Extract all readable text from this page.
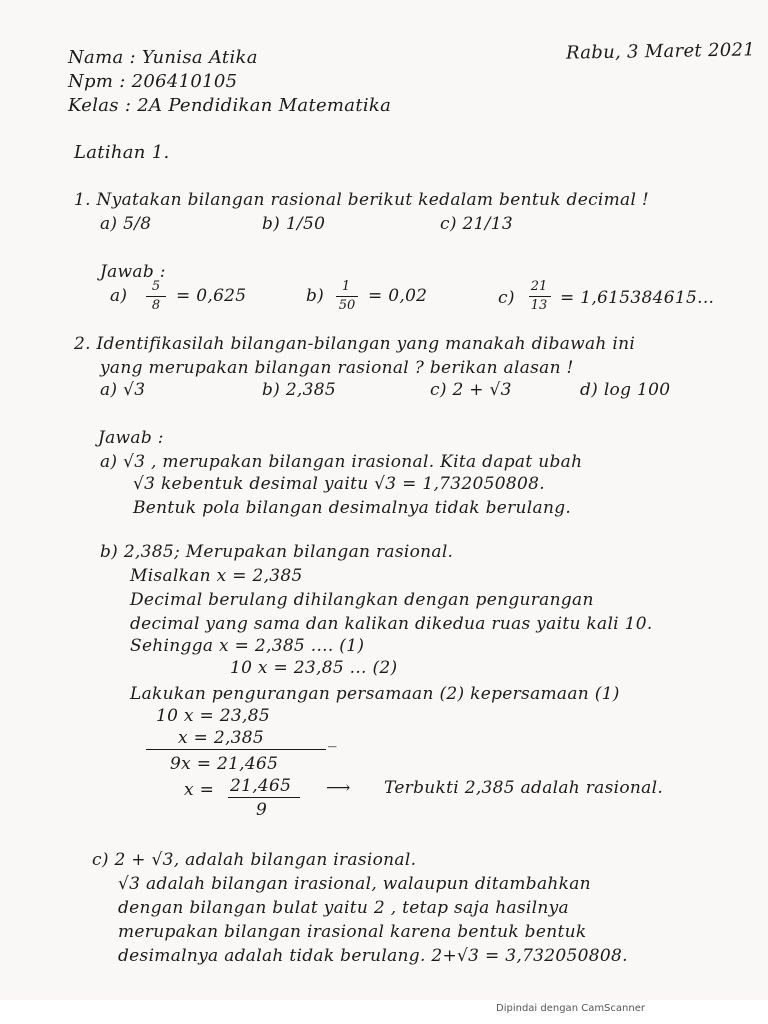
Nama : Yunisa Atika
Npm : 206410105
Kelas : 2A Pendidikan Matematika
Rabu, 3 Maret 2021
Latihan 1.
1. Nyatakan bilangan rasional berikut kedalam bentuk decimal !
a) 5/8	b) 1/50	c) 21/13
Jawab :
a)	5
8 = 0,625	b)	1
50 = 0,02	c)
21
13 = 1,615384615...
2. Identifikasilah bilangan-bilangan yang manakah dibawah ini
yang merupakan bilangan rasional ? berikan alasan !
a) √3	b) 2,385	c) 2 + √3	d) log 100
Jawab :
a) √3 , merupakan bilangan irasional. Kita dapat ubah
√3 kebentuk desimal yaitu √3 = 1,732050808.
Bentuk pola bilangan desimalnya tidak berulang.
b) 2,385; Merupakan bilangan rasional.
Misalkan x = 2,385
Decimal berulang dihilangkan dengan pengurangan
decimal yang sama dan kalikan dikedua ruas yaitu kali 10.
Sehingga x = 2,385 .... (1)
10 x = 23,85 ... (2)
Lakukan pengurangan persamaan (2) kepersamaan (1)
10 x = 23,85
x = 2,385	_
9x = 21,465
x = 21,465
9
⟶ Terbukti 2,385 adalah rasional.
c) 2 + √3, adalah bilangan irasional.
√3 adalah bilangan irasional, walaupun ditambahkan
dengan bilangan bulat yaitu 2 , tetap saja hasilnya
merupakan bilangan irasional karena bentuk bentuk
desimalnya adalah tidak berulang. 2+√3 = 3,732050808.
Dipindai dengan CamScanner
